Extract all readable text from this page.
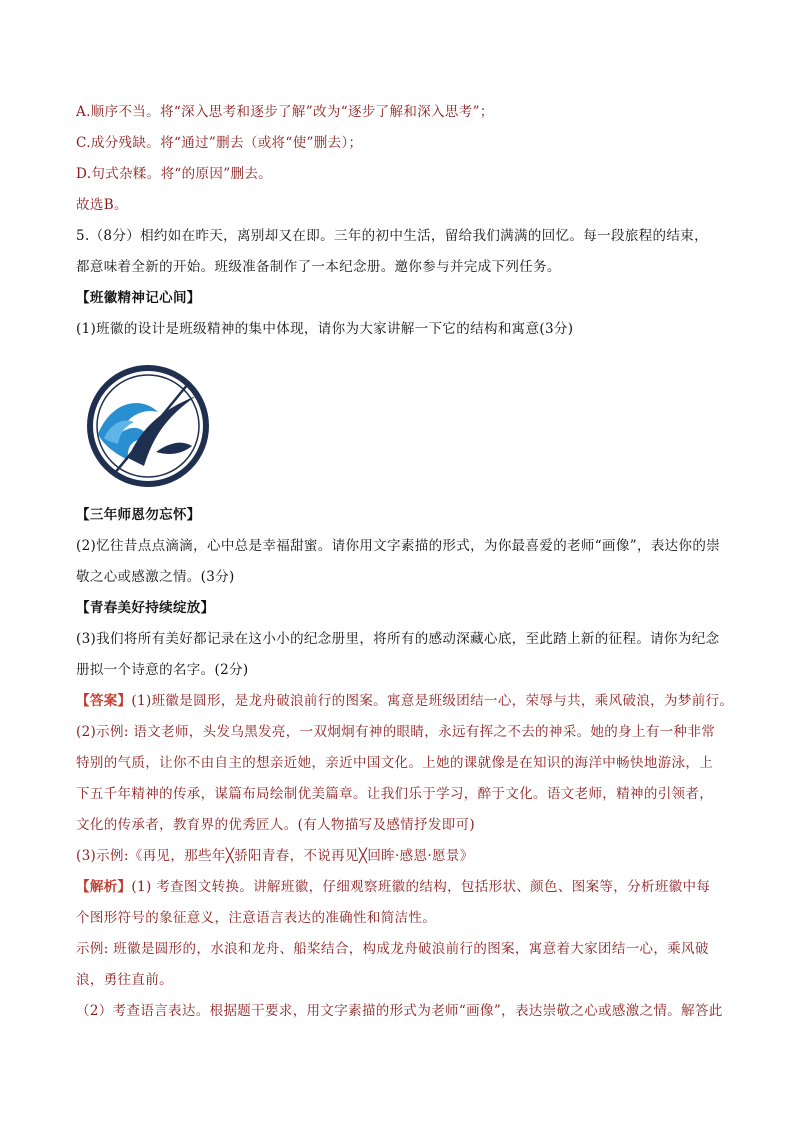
A.顺序不当。将“深入思考和逐步了解”改为“逐步了解和深入思考”；
C.成分残缺。将“通过”删去（或将“使”删去）；
D.句式杂糅。将“的原因”删去。
故选B。
5.（8分）相约如在昨天，离别却又在即。三年的初中生活，留给我们满满的回忆。每一段旅程的结束，
都意味着全新的开始。班级准备制作了一本纪念册。邀你参与并完成下列任务。
【班徽精神记心间】
(1)班徽的设计是班级精神的集中体现，请你为大家讲解一下它的结构和寓意(3分)
【三年师恩勿忘怀】
(2)忆往昔点点滴滴，心中总是幸福甜蜜。请你用文字素描的形式，为你最喜爱的老师“画像”，表达你的崇
敬之心或感激之情。(3分)
【青春美好持续绽放】
(3)我们将所有美好都记录在这小小的纪念册里，将所有的感动深藏心底，至此踏上新的征程。请你为纪念
册拟一个诗意的名字。(2分)
【答案】(1)班徽是圆形，是龙舟破浪前行的图案。寓意是班级团结一心，荣辱与共，乘风破浪，为梦前行。
(2)示例: 语文老师，头发乌黑发亮，一双炯炯有神的眼睛，永远有挥之不去的神采。她的身上有一种非常
特别的气质，让你不由自主的想亲近她，亲近中国文化。上她的课就像是在知识的海洋中畅快地游泳，上
下五千年精神的传承，谋篇布局绘制优美篇章。让我们乐于学习，醉于文化。语文老师，精神的引领者，
文化的传承者，教育界的优秀匠人。(有人物描写及感情抒发即可)
(3)示例:《再见，那些年╳骄阳青春，不说再见╳回眸·感恩·愿景》
【解析】(1) 考查图文转换。讲解班徽，仔细观察班徽的结构，包括形状、颜色、图案等，分析班徽中每
个图形符号的象征意义，注意语言表达的准确性和简洁性。
示例: 班徽是圆形的，水浪和龙舟、船桨结合，构成龙舟破浪前行的图案，寓意着大家团结一心，乘风破
浪，勇往直前。
（2）考查语言表达。根据题干要求，用文字素描的形式为老师“画像”，表达崇敬之心或感激之情。解答此
